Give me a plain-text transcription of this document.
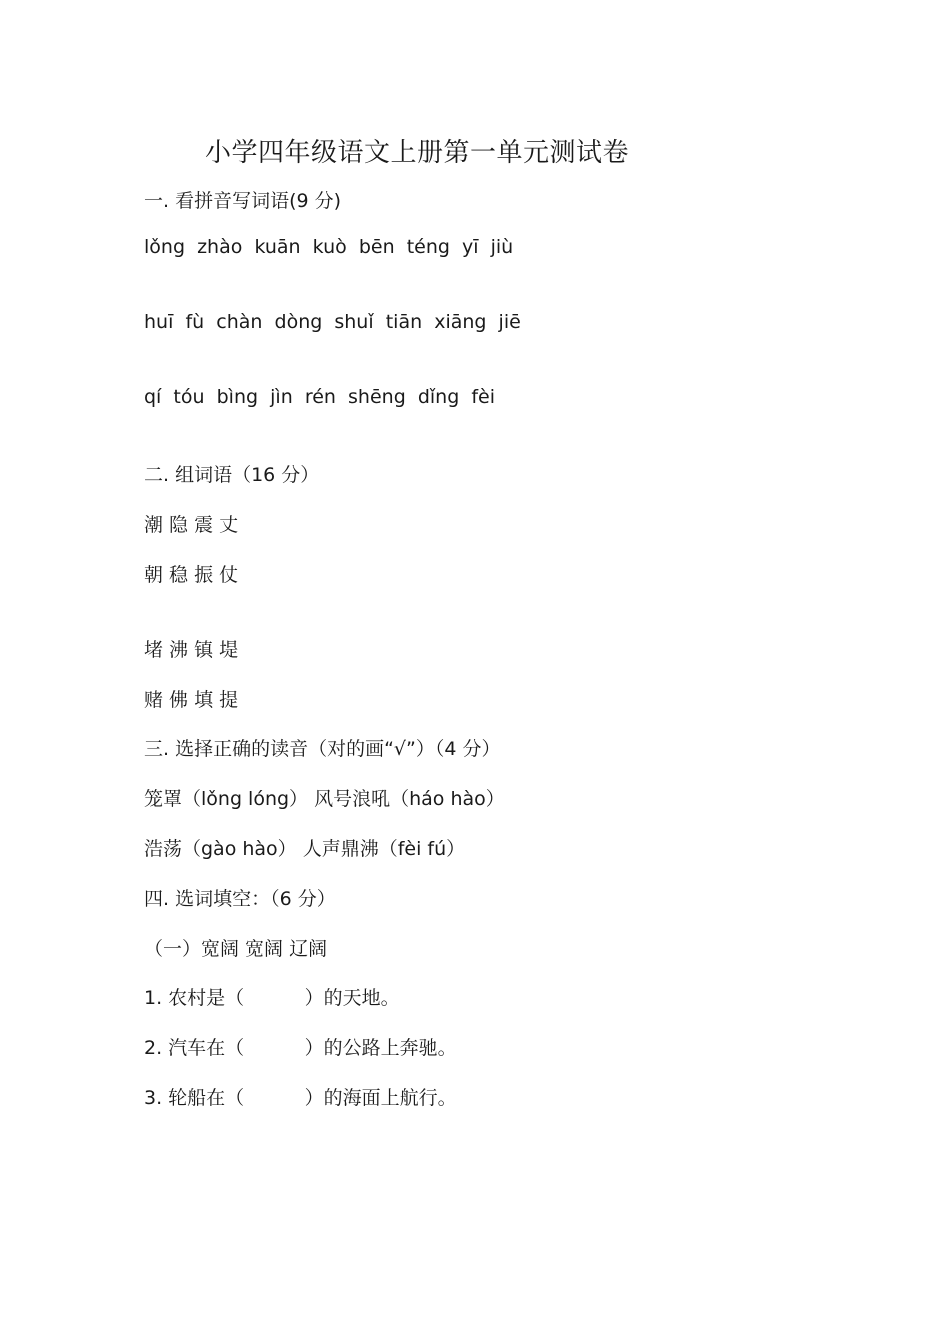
小学四年级语文上册第一单元测试卷
一. 看拼音写词语(9 分)
lǒng  zhào  kuān  kuò  bēn  téng  yī  jiù
huī  fù  chàn  dòng  shuǐ  tiān  xiāng  jiē
qí  tóu  bìng  jìn  rén  shēng  dǐng  fèi
二. 组词语（16 分）
潮 隐 震 丈
朝 稳 振 仗
堵 沸 镇 堤
赌 佛 填 提
三. 选择正确的读音（对的画“√”）（4 分）
笼罩（lǒng lóng） 风号浪吼（háo hào）
浩荡（gào hào） 人声鼎沸（fèi fú）
四. 选词填空：（6 分）
（一）宽阔 宽阔 辽阔
1. 农村是（          ）的天地。
2. 汽车在（          ）的公路上奔驰。
3. 轮船在（          ）的海面上航行。
